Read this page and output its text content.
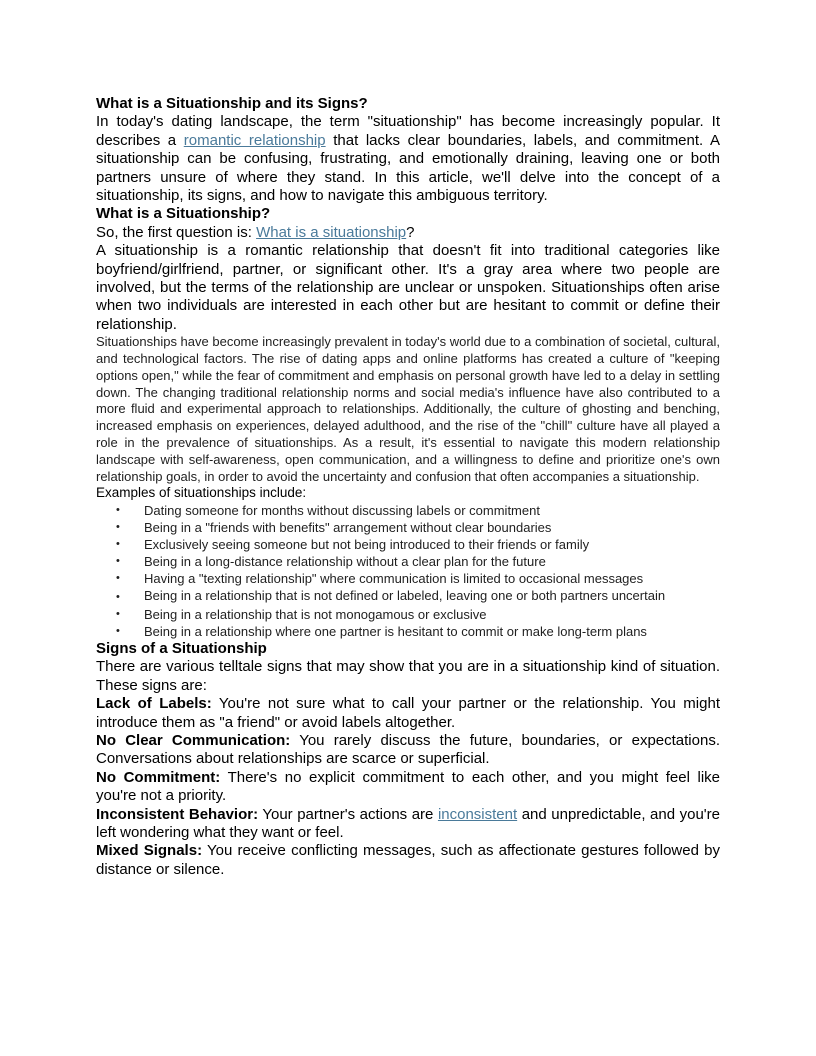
What is a Situationship and its Signs?

In today's dating landscape, the term "situationship" has become increasingly popular. It describes a romantic relationship that lacks clear boundaries, labels, and commitment. A situationship can be confusing, frustrating, and emotionally draining, leaving one or both partners unsure of where they stand. In this article, we'll delve into the concept of a situationship, its signs, and how to navigate this ambiguous territory.

What is a Situationship?

So, the first question is: What is a situationship?

A situationship is a romantic relationship that doesn't fit into traditional categories like boyfriend/girlfriend, partner, or significant other. It's a gray area where two people are involved, but the terms of the relationship are unclear or unspoken. Situationships often arise when two individuals are interested in each other but are hesitant to commit or define their relationship.

Situationships have become increasingly prevalent in today's world due to a combination of societal, cultural, and technological factors. The rise of dating apps and online platforms has created a culture of "keeping options open," while the fear of commitment and emphasis on personal growth have led to a delay in settling down. The changing traditional relationship norms and social media's influence have also contributed to a more fluid and experimental approach to relationships. Additionally, the culture of ghosting and benching, increased emphasis on experiences, delayed adulthood, and the rise of the "chill" culture have all played a role in the prevalence of situationships. As a result, it's essential to navigate this modern relationship landscape with self-awareness, open communication, and a willingness to define and prioritize one's own relationship goals, in order to avoid the uncertainty and confusion that often accompanies a situationship.

Examples of situationships include:

• Dating someone for months without discussing labels or commitment
• Being in a "friends with benefits" arrangement without clear boundaries
• Exclusively seeing someone but not being introduced to their friends or family
• Being in a long-distance relationship without a clear plan for the future
• Having a "texting relationship" where communication is limited to occasional messages
• Being in a relationship that is not defined or labeled, leaving one or both partners uncertain
• Being in a relationship that is not monogamous or exclusive
• Being in a relationship where one partner is hesitant to commit or make long-term plans

Signs of a Situationship

There are various telltale signs that may show that you are in a situationship kind of situation. These signs are:

Lack of Labels: You're not sure what to call your partner or the relationship. You might introduce them as "a friend" or avoid labels altogether.

No Clear Communication: You rarely discuss the future, boundaries, or expectations. Conversations about relationships are scarce or superficial.

No Commitment: There's no explicit commitment to each other, and you might feel like you're not a priority.

Inconsistent Behavior: Your partner's actions are inconsistent and unpredictable, and you're left wondering what they want or feel.

Mixed Signals: You receive conflicting messages, such as affectionate gestures followed by distance or silence.
